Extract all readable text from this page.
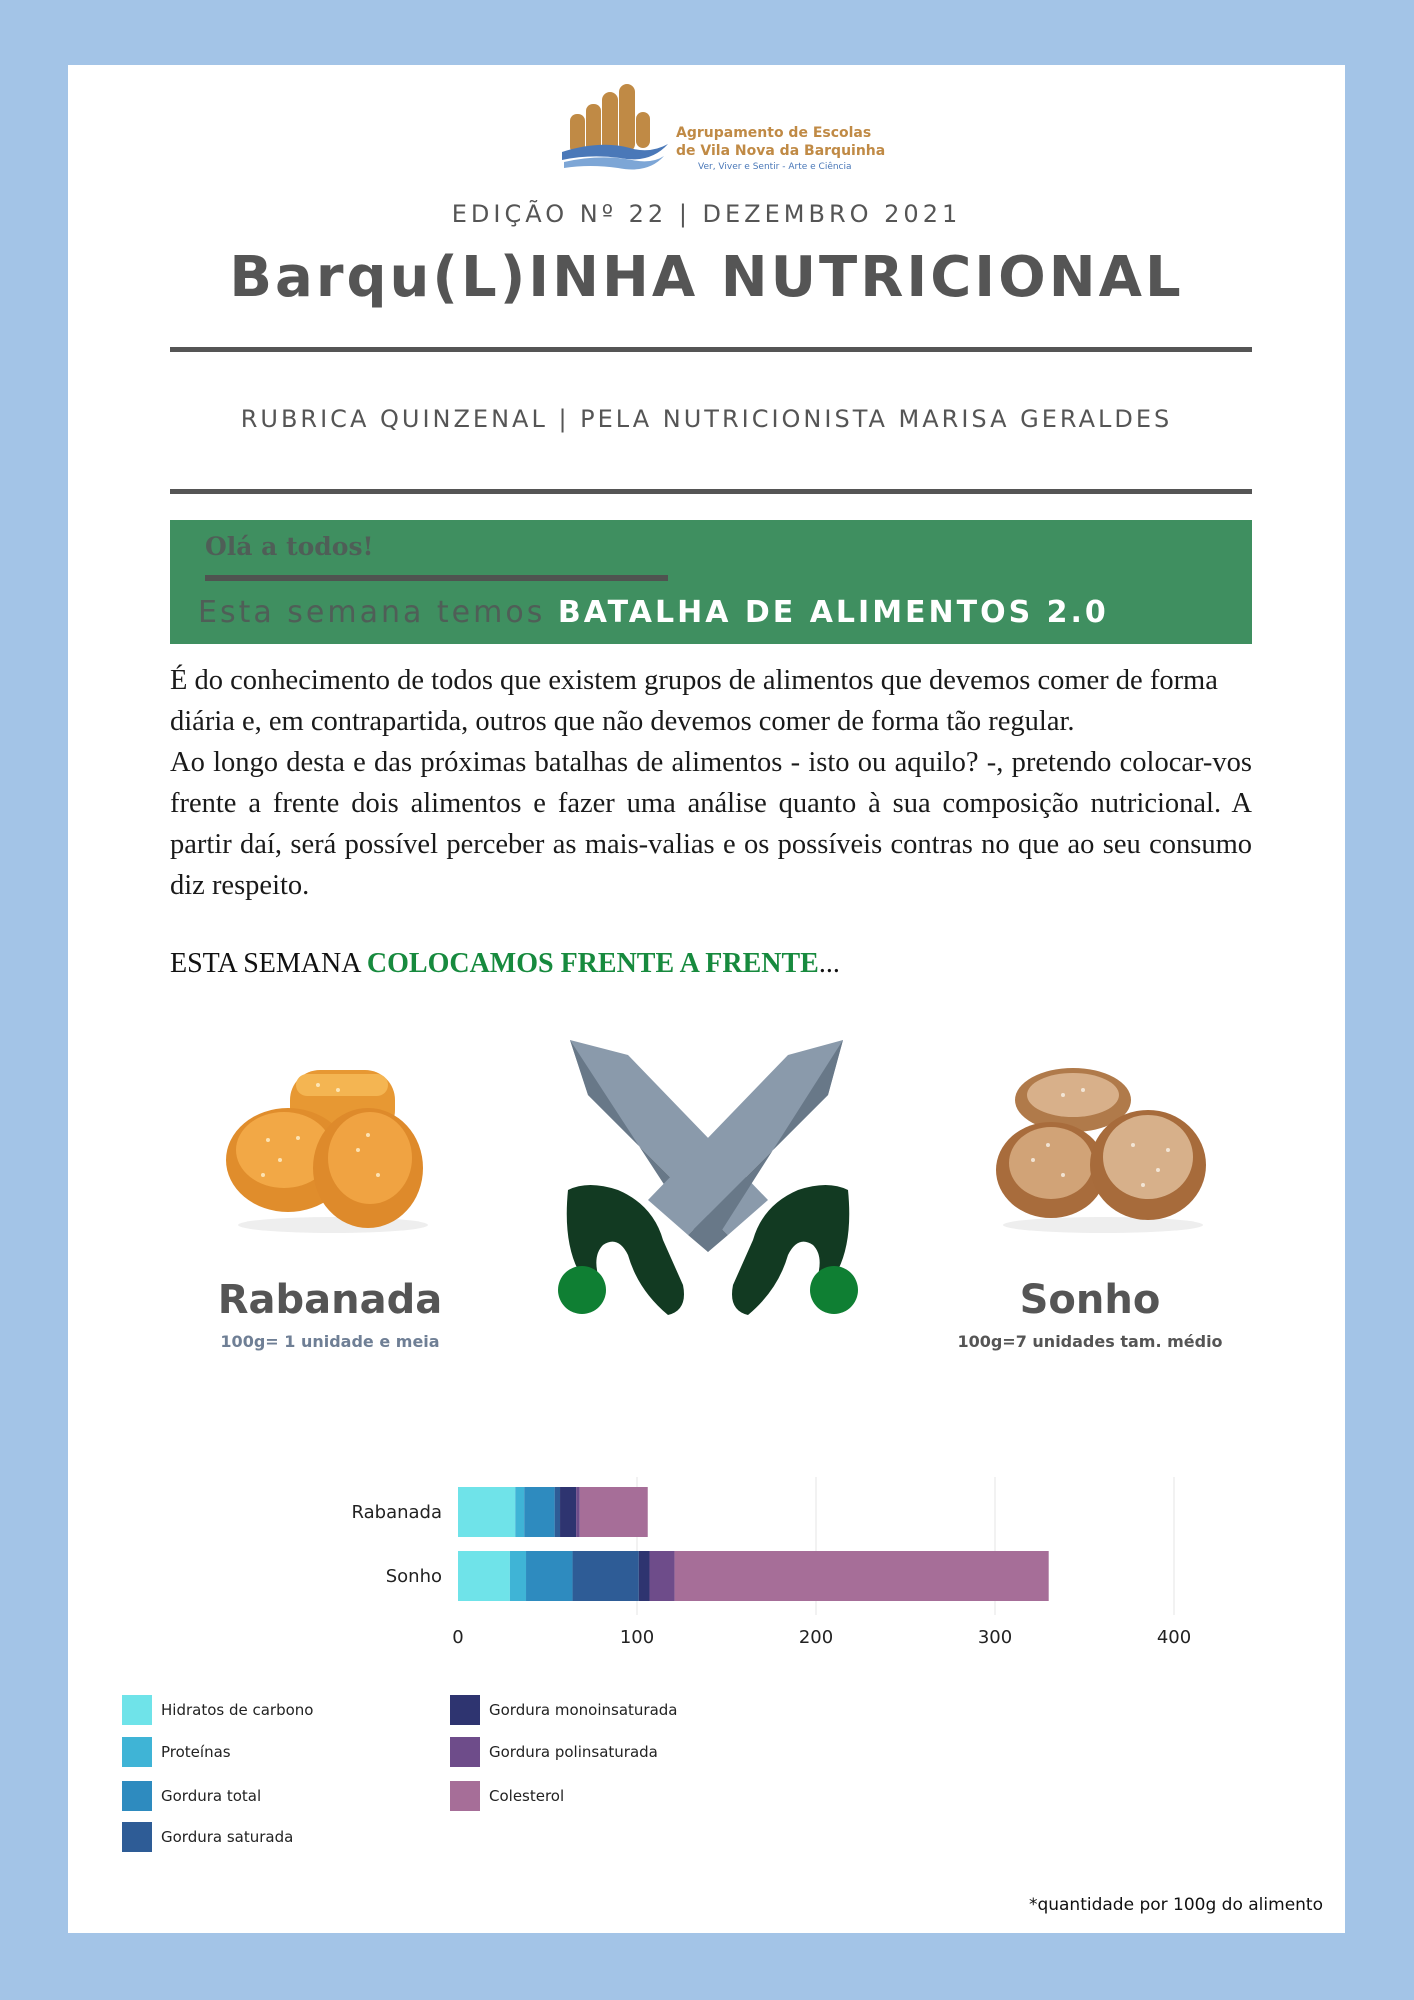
Agrupamento de Escolas
de Vila Nova da Barquinha
Ver, Viver e Sentir - Arte e Ciência
EDIÇÃO Nº 22 | DEZEMBRO 2021
Barqu(L)INHA NUTRICIONAL
RUBRICA QUINZENAL | PELA NUTRICIONISTA MARISA GERALDES
Olá a todos!
Esta semana temos BATALHA DE ALIMENTOS 2.0

É do conhecimento de todos que existem grupos de alimentos que devemos comer de forma diária e, em contrapartida, outros que não devemos comer de forma tão regular.

Ao longo desta e das próximas batalhas de alimentos - isto ou aquilo? -, pretendo colocar-vos frente a frente dois alimentos e fazer uma análise quanto à sua composição nutricional. A partir daí, será possível perceber as mais-valias e os possíveis contras no que ao seu consumo diz respeito.

ESTA SEMANA COLOCAMOS FRENTE A FRENTE...
Rabanada
100g= 1 unidade e meia
Sonho
100g=7 unidades tam. médio
Rabanada
Sonho
0	100	200	300	400
Hidratos de carbono
Proteínas
Gordura total
Gordura saturada
Gordura monoinsaturada
Gordura polinsaturada
Colesterol
*quantidade por 100g do alimento
